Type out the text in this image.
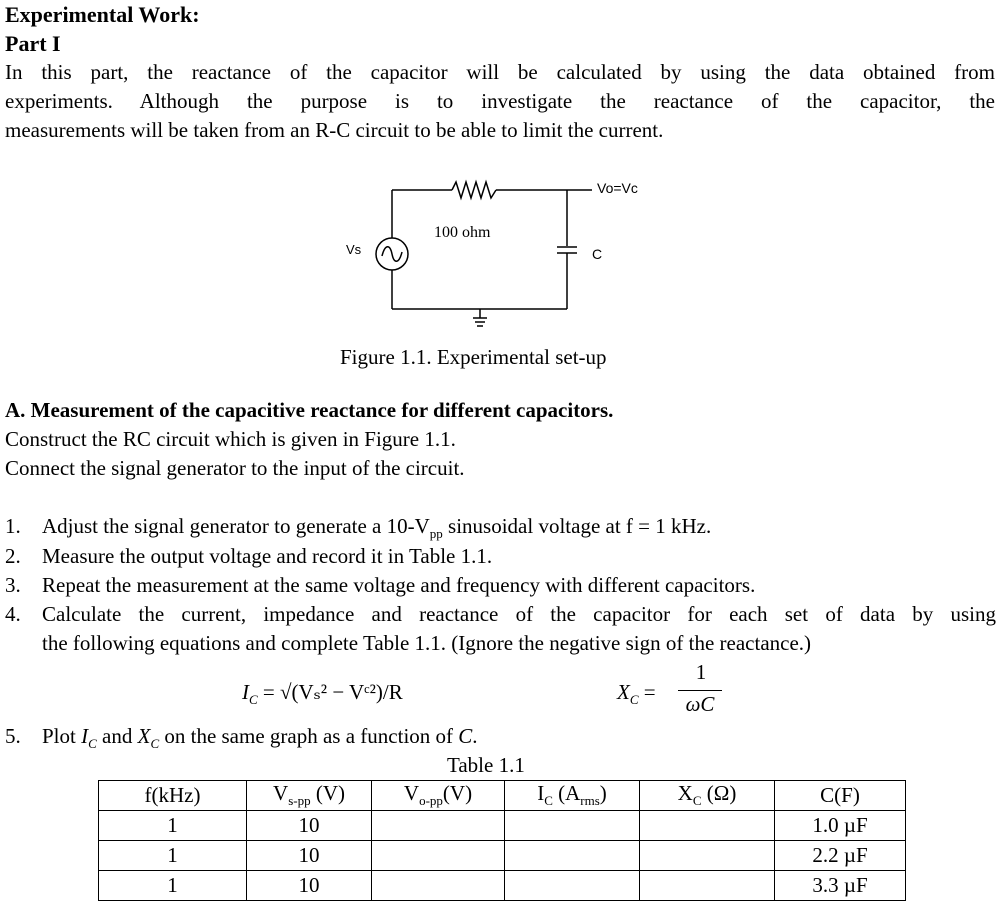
Experimental Work:
Part I
In this part, the reactance of the capacitor will be calculated by using the data obtained from
experiments. Although the purpose is to investigate the reactance of the capacitor, the
measurements will be taken from an R-C circuit to be able to limit the current.
Vo=Vc
100 ohm
C
Vs
Figure 1.1. Experimental set-up
A. Measurement of the capacitive reactance for different capacitors.
Construct the RC circuit which is given in Figure 1.1.
Connect the signal generator to the input of the circuit.
1.	Adjust the signal generator to generate a $10-V_{pp}$ sinusoidal voltage at f = 1 kHz.
2.	Measure the output voltage and record it in Table 1.1.
3.	Repeat the measurement at the same voltage and frequency with different capacitors.
4.	Calculate the current, impedance and reactance of the capacitor for each set of data by using
the following equations and complete Table 1.1. (Ignore the negative sign of the reactance.)
$I_C = √(V_s^2$ − Vᶜ²)/R	$X_C$ =
1
ωC
5.	Plot $I_C$ and $X_C$ on the same graph as a function of C.
Table 1.1
f(kHz)	$V_{s-pp}$ (V)	$V_{o-pp}(V)$	$I_C$ $(A_{rms})$	$X_C$ (Ω)	C(F)
1	10				1.0 µF
1	10				2.2 µF
1	10				3.3 µF
